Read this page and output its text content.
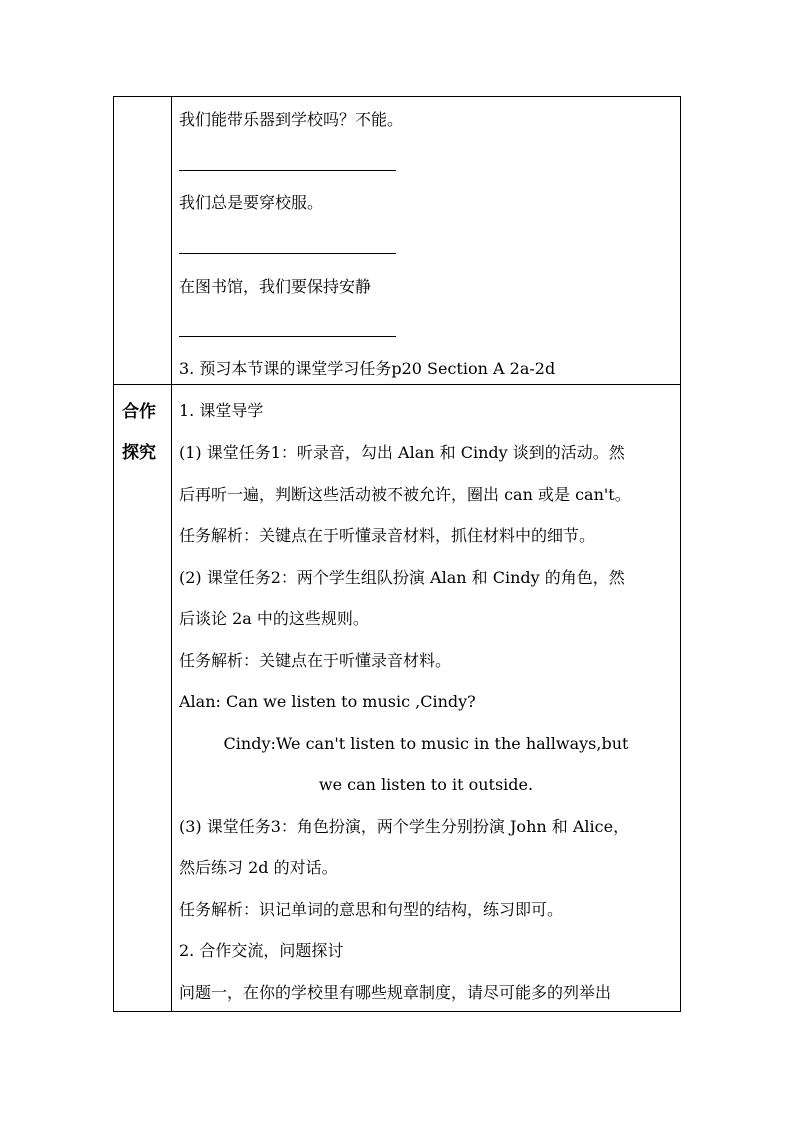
我们能带乐器到学校吗？不能。
我们总是要穿校服。
在图书馆，我们要保持安静
3. 预习本节课的课堂学习任务p20 Section A 2a-2d
合作
探究
1. 课堂导学
(1) 课堂任务1：听录音，勾出 Alan 和 Cindy 谈到的活动。然
后再听一遍，判断这些活动被不被允许，圈出 can 或是 can't。
任务解析：关键点在于听懂录音材料，抓住材料中的细节。
(2) 课堂任务2：两个学生组队扮演 Alan 和 Cindy 的角色，然
后谈论 2a 中的这些规则。
任务解析：关键点在于听懂录音材料。
Alan: Can we listen to music ,Cindy?
Cindy:We can't listen to music in the hallways,but
we can listen to it outside.
(3) 课堂任务3：角色扮演，两个学生分别扮演 John 和 Alice，
然后练习 2d 的对话。
任务解析：识记单词的意思和句型的结构，练习即可。
2. 合作交流，问题探讨
问题一，在你的学校里有哪些规章制度，请尽可能多的列举出
